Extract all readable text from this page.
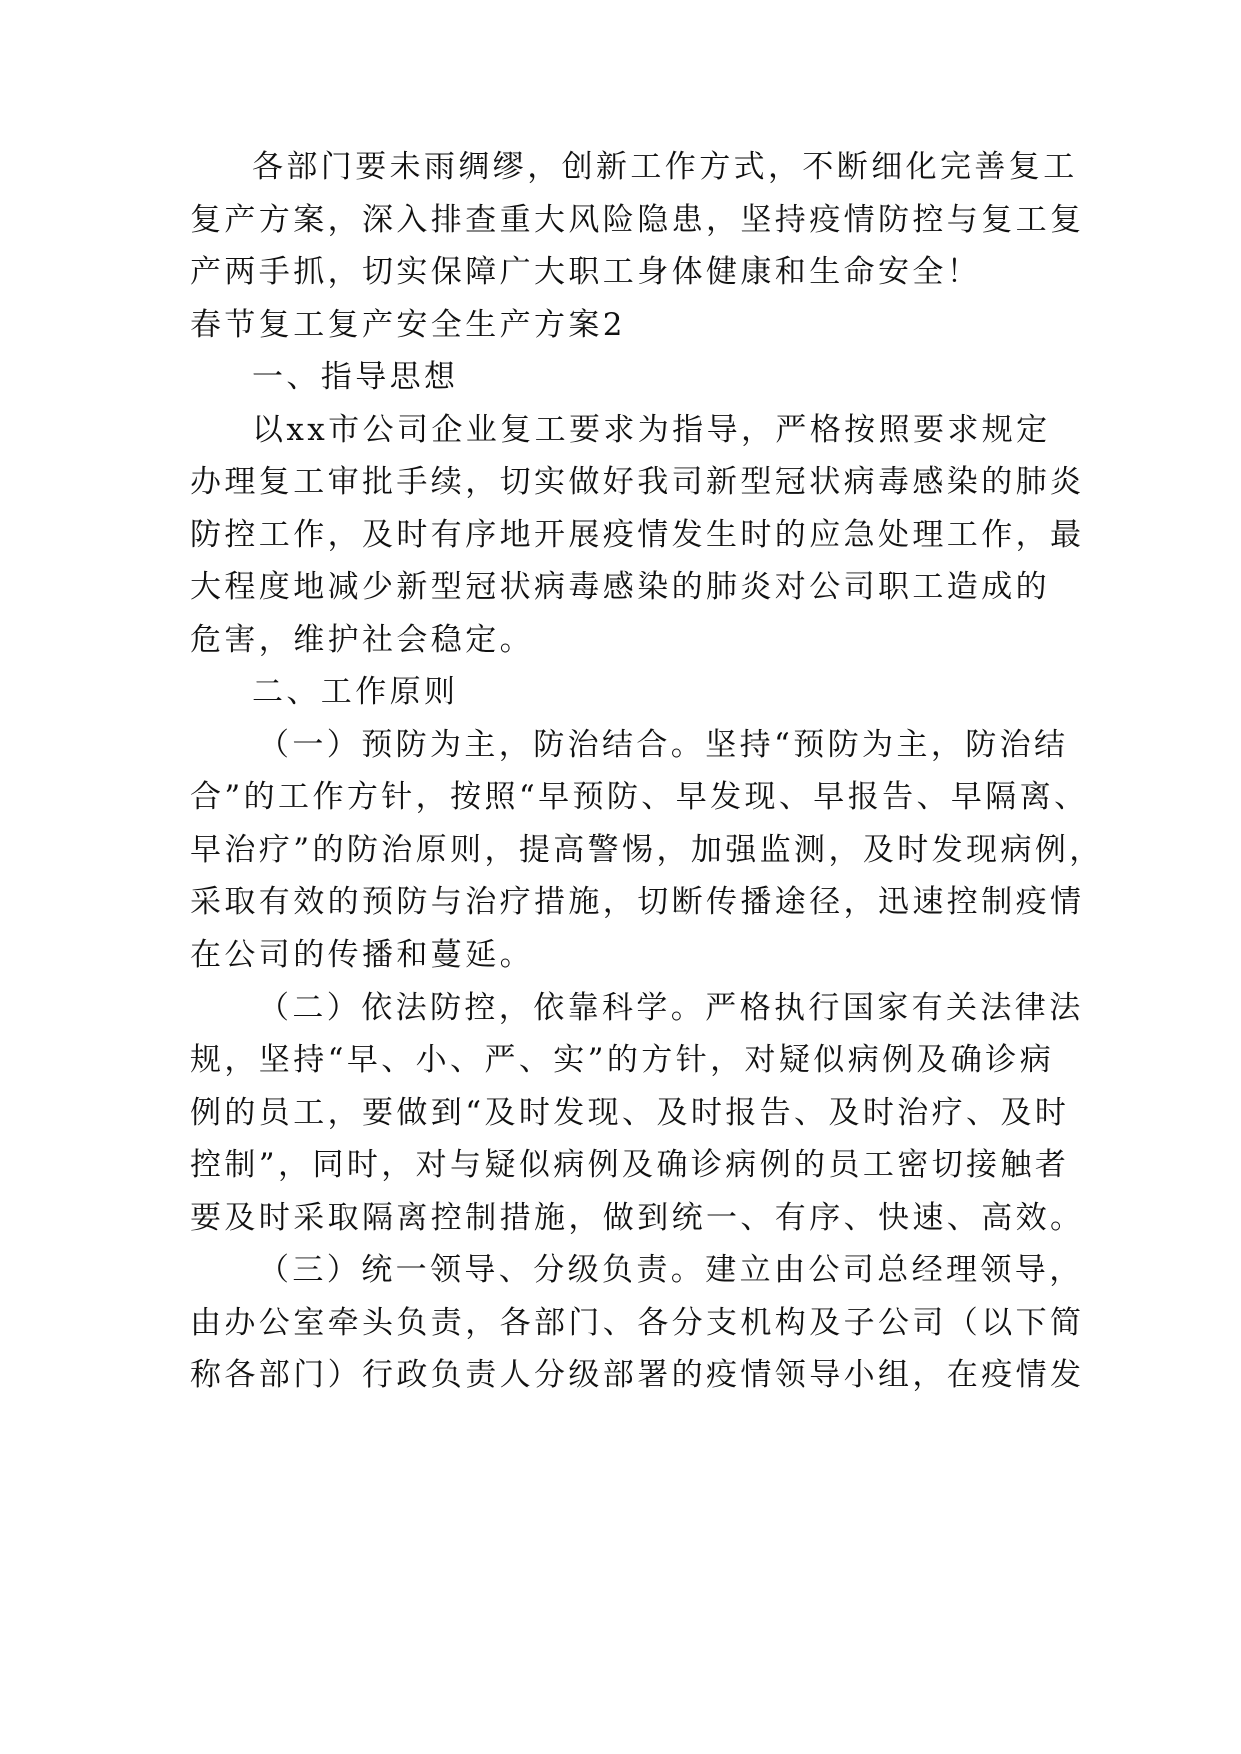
各部门要未雨绸缪，创新工作方式，不断细化完善复工
复产方案，深入排查重大风险隐患，坚持疫情防控与复工复
产两手抓，切实保障广大职工身体健康和生命安全！
春节复工复产安全生产方案2
一、指导思想
以xx市公司企业复工要求为指导，严格按照要求规定
办理复工审批手续，切实做好我司新型冠状病毒感染的肺炎
防控工作，及时有序地开展疫情发生时的应急处理工作，最
大程度地减少新型冠状病毒感染的肺炎对公司职工造成的
危害，维护社会稳定。
二、工作原则
（一）预防为主，防治结合。坚持“预防为主，防治结
合”的工作方针，按照“早预防、早发现、早报告、早隔离、
早治疗”的防治原则，提高警惕，加强监测，及时发现病例，
采取有效的预防与治疗措施，切断传播途径，迅速控制疫情
在公司的传播和蔓延。
（二）依法防控，依靠科学。严格执行国家有关法律法
规，坚持“早、小、严、实”的方针，对疑似病例及确诊病
例的员工，要做到“及时发现、及时报告、及时治疗、及时
控制”，同时，对与疑似病例及确诊病例的员工密切接触者
要及时采取隔离控制措施，做到统一、有序、快速、高效。
（三）统一领导、分级负责。建立由公司总经理领导，
由办公室牵头负责，各部门、各分支机构及子公司（以下简
称各部门）行政负责人分级部署的疫情领导小组，在疫情发
